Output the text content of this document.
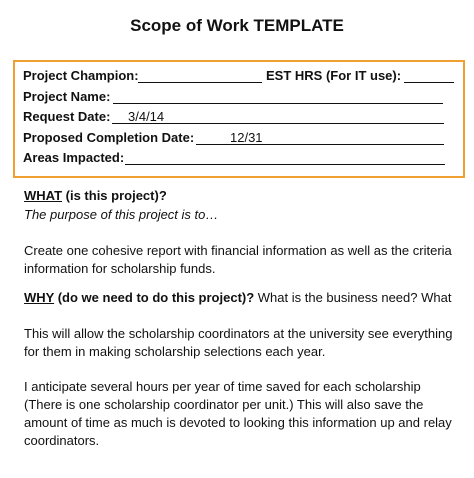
Scope of Work TEMPLATE
Project Champion:	EST HRS (For IT use):
Project Name:
Request Date:	3/4/14
Proposed Completion Date:	12/31
Areas Impacted:
WHAT (is this project)?
The purpose of this project is to…
Create one cohesive report with financial information as well as the criteria
information for scholarship funds.
WHY (do we need to do this project)? What is the business need? What
This will allow the scholarship coordinators at the university see everything
for them in making scholarship selections each year.
I anticipate several hours per year of time saved for each scholarship
(There is one scholarship coordinator per unit.) This will also save the
amount of time as much is devoted to looking this information up and relay
coordinators.
